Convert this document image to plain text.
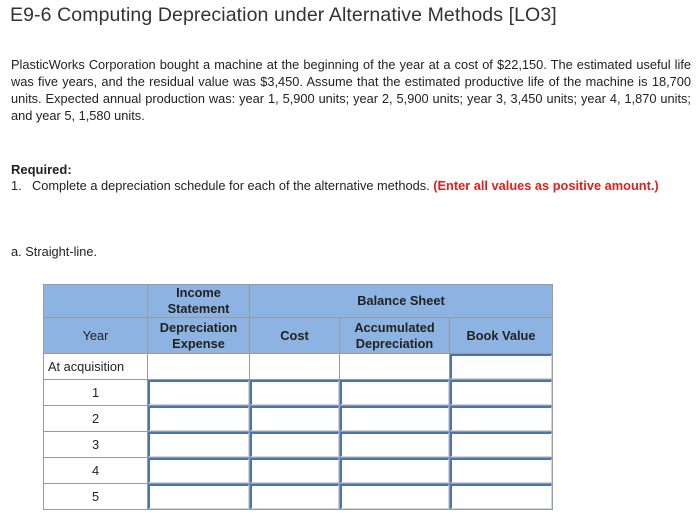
E9-6 Computing Depreciation under Alternative Methods [LO3]
PlasticWorks Corporation bought a machine at the beginning of the year at a cost of $22,150. The estimated useful life was five years, and the residual value was $3,450. Assume that the estimated productive life of the machine is 18,700 units. Expected annual production was: year 1, 5,900 units; year 2, 5,900 units; year 3, 3,450 units; year 4, 1,870 units; and year 5, 1,580 units.
Required:
1. Complete a depreciation schedule for each of the alternative methods. (Enter all values as positive amount.)
a. Straight-line.
	Income Statement	Balance Sheet		
Year	Depreciation Expense	Cost	Accumulated Depreciation	Book Value
At acquisition	

1	

2	

3	

4	

5	
